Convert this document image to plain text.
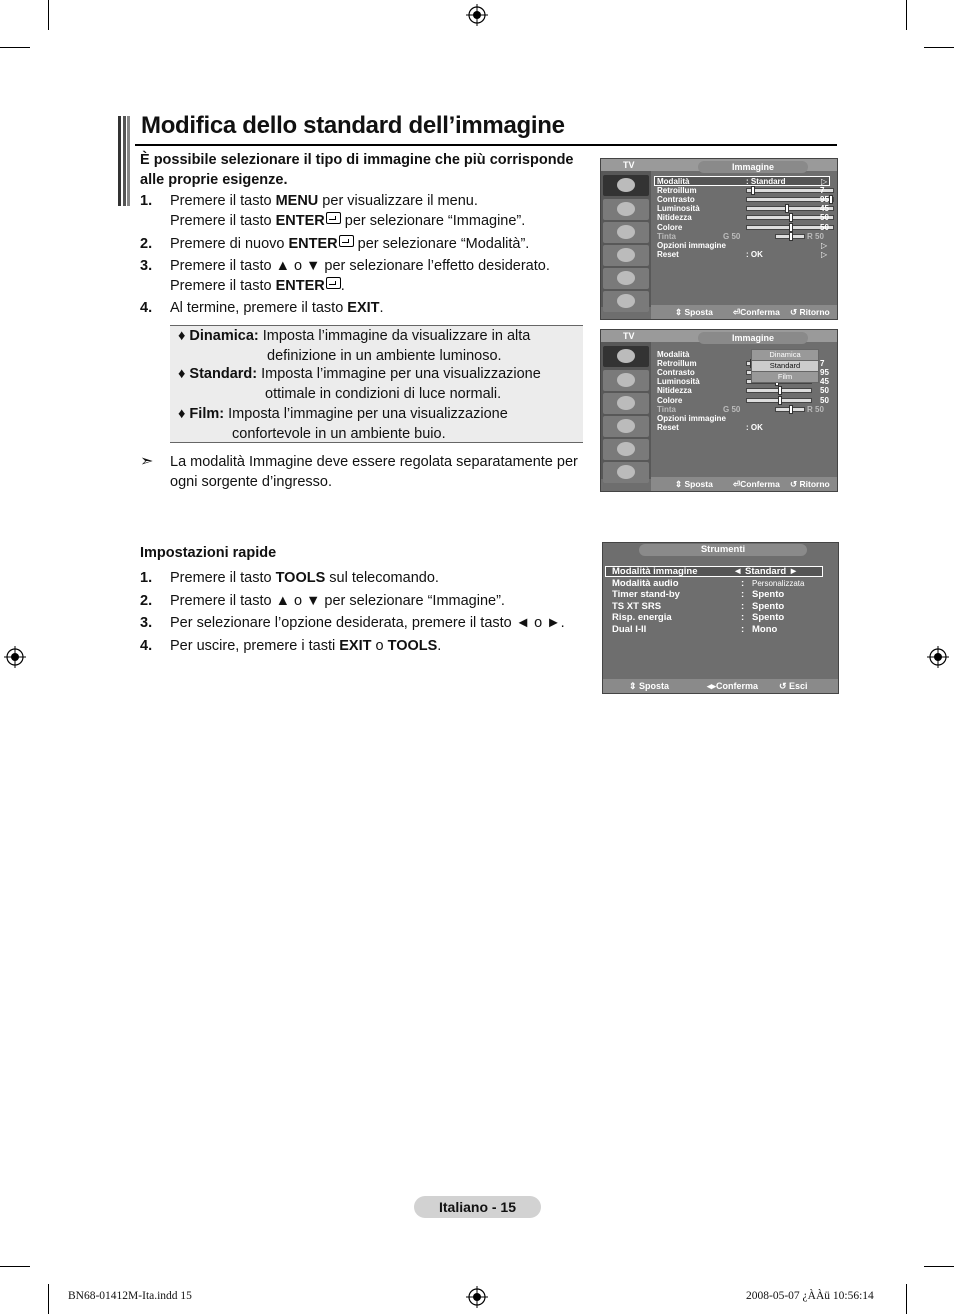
Modifica dello standard dell’immagine

È possibile selezionare il tipo di immagine che più corrisponde alle proprie esigenze.

1. Premere il tasto MENU per visualizzare il menu.
Premere il tasto ENTER per selezionare “Immagine”.
2. Premere di nuovo ENTER per selezionare “Modalità”.
3. Premere il tasto ▲ o ▼ per selezionare l’effetto desiderato.
Premere il tasto ENTER .
4. Al termine, premere il tasto EXIT.
♦ Dinamica: Imposta l’immagine da visualizzare in alta
definizione in un ambiente luminoso.
♦ Standard: Imposta l’immagine per una visualizzazione
ottimale in condizioni di luce normali.
♦ Film: Imposta l’immagine per una visualizzazione
confortevole in un ambiente buio.
➣ La modalità Immagine deve essere regolata separatamente per ogni sorgente d’ingresso.
Impostazioni rapide
1. Premere il tasto TOOLS sul telecomando.
2. Premere il tasto ▲ o ▼ per selezionare “Immagine”.
3. Per selezionare l’opzione desiderata, premere il tasto ◄ o ►.
4. Per uscire, premere i tasti EXIT o TOOLS.
TV	Immagine
Modalità	: Standard	▷
Retroillum	7
Contrasto	95
Luminosità	45
Nitidezza	50
Colore	50
Tinta	G 50	R 50
Opzioni immagine	▷
Reset	: OK	▷
⇕ Sposta ⏎Conferma ↺ Ritorno
TV	Immagine
Modalità
Retroillum	7
Contrasto	95
Luminosità	45
Nitidezza	50
Colore	50
Tinta	G 50	R 50
Opzioni immagine
Reset	: OK
Dinamica
Standard
Film
⇕ Sposta ⏎Conferma ↺ Ritorno
Strumenti
Modalità immagine	◄ Standard ►
Modalità audio	: Personalizzata
Timer stand-by	: Spento
TS XT SRS	: Spento
Risp. energia	: Spento
Dual I-II	: Mono
⇕ Sposta	◂▸Conferma ↺ Esci
Italiano - 15
BN68-01412M-Ita.indd 15	2008-05-07 ¿ÀÀü 10:56:14
